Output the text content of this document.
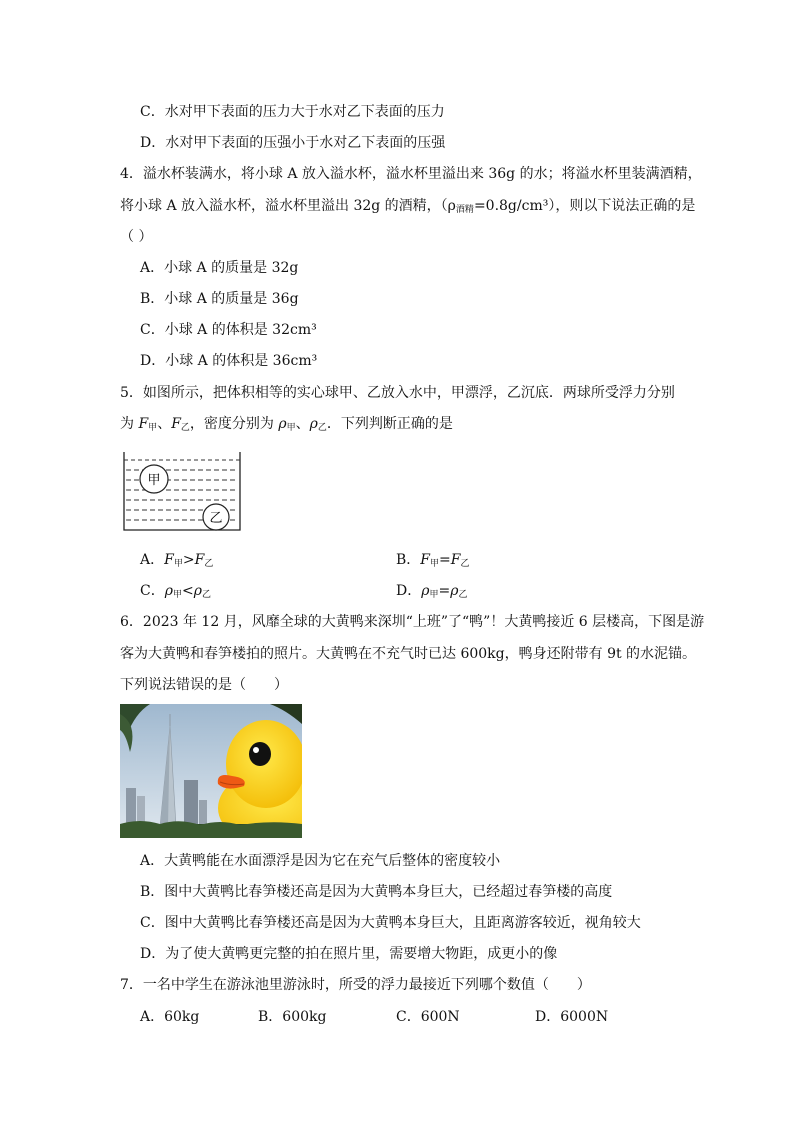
C．水对甲下表面的压力大于水对乙下表面的压力
D．水对甲下表面的压强小于水对乙下表面的压强
4．溢水杯装满水，将小球 A 放入溢水杯，溢水杯里溢出来 36g 的水；将溢水杯里装满酒精，
将小球 A 放入溢水杯，溢水杯里溢出 32g 的酒精，$(\rho_{酒精}=0.8g/cm^3)$，则以下说法正确的是
（ ）
A．小球 A 的质量是 32g
B．小球 A 的质量是 36g
C．小球 A 的体积是 32cm³
D．小球 A 的体积是 36cm³
5．如图所示，把体积相等的实心球甲、乙放入水中，甲漂浮，乙沉底．两球所受浮力分别
为 $F_甲$、$F_乙$，密度分别为 $\rho_甲$、$\rho_乙$．下列判断正确的是
甲
乙
A．$F_甲>F_乙$	B．$F_甲=F_乙$
C．$\rho_甲<\rho_乙$	D．$\rho_甲=\rho_乙$
6．2023 年 12 月，风靡全球的大黄鸭来深圳“上班”了“鸭”！大黄鸭接近 6 层楼高，下图是游
客为大黄鸭和春笋楼拍的照片。大黄鸭在不充气时已达 600kg，鸭身还附带有 9t 的水泥锚。
下列说法错误的是（　　）
A．大黄鸭能在水面漂浮是因为它在充气后整体的密度较小
B．图中大黄鸭比春笋楼还高是因为大黄鸭本身巨大，已经超过春笋楼的高度
C．图中大黄鸭比春笋楼还高是因为大黄鸭本身巨大，且距离游客较近，视角较大
D．为了使大黄鸭更完整的拍在照片里，需要增大物距，成更小的像
7．一名中学生在游泳池里游泳时，所受的浮力最接近下列哪个数值（　　）
A．60kg	B．600kg	C．600N	D．6000N
